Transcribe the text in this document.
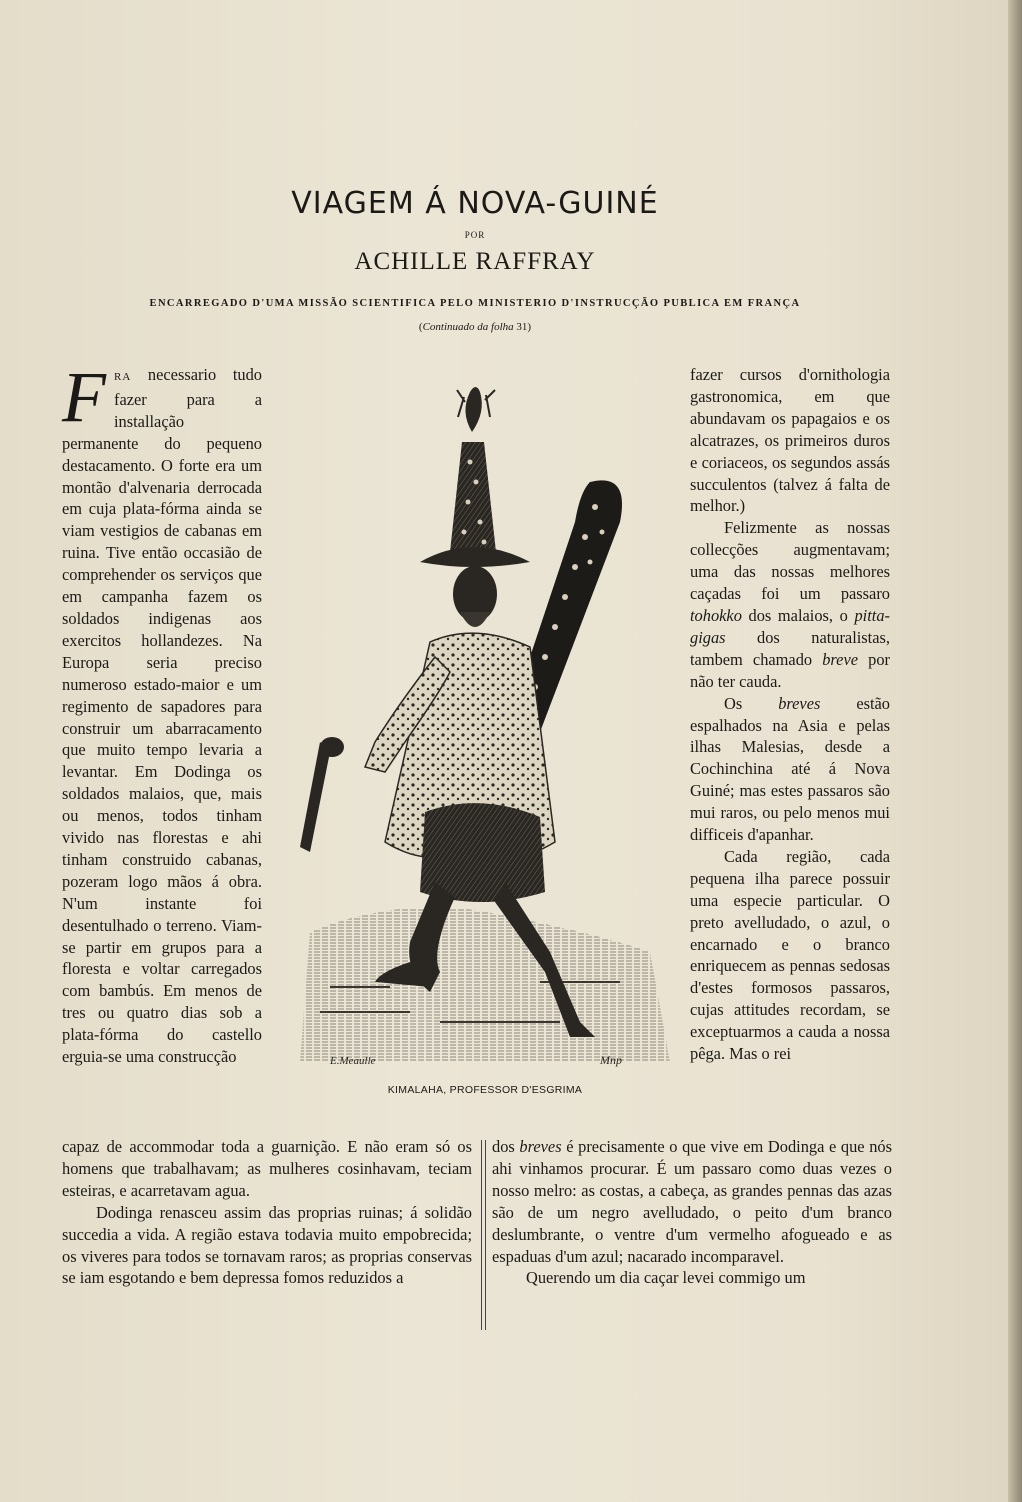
VIAGEM Á NOVA-GUINÉ
POR
ACHILLE RAFFRAY
ENCARREGADO D'UMA MISSÃO SCIENTIFICA PELO MINISTERIO D'INSTRUCÇÃO PUBLICA EM FRANÇA
(Continuado da folha 31)

FRA necessario tudo fazer para a installação permanente do pequeno destacamento. O forte era um montão d'alvenaria derrocada em cuja plata-fórma ainda se viam vestigios de cabanas em ruina. Tive então occasião de comprehender os serviços que em campanha fazem os soldados indigenas aos exercitos hollandezes. Na Europa seria preciso numeroso estado-maior e um regimento de sapadores para construir um abarracamento que muito tempo levaria a levantar. Em Dodinga os soldados malaios, que, mais ou menos, todos tinham vivido nas florestas e ahi tinham construido cabanas, pozeram logo mãos á obra. N'um instante foi desentulhado o terreno. Viam-se partir em grupos para a floresta e voltar carregados com bambús. Em menos de tres ou quatro dias sob a plata-fórma do castello erguia-se uma construcção	E.Meaulle	Mnp
KIMALAHA, PROFESSOR D'ESGRIMA

fazer cursos d'ornithologia gastronomica, em que abundavam os papagaios e os alcatrazes, os primeiros duros e coriaceos, os segundos assás succulentos (talvez á falta de melhor.)

Felizmente as nossas collecções augmentavam; uma das nossas melhores caçadas foi um passaro tohokko dos malaios, o pitta-gigas dos naturalistas, tambem chamado breve por não ter cauda.

Os breves estão espalhados na Asia e pelas ilhas Malesias, desde a Cochinchina até á Nova Guiné; mas estes passaros são mui raros, ou pelo menos mui difficeis d'apanhar.

Cada região, cada pequena ilha parece possuir uma especie particular. O preto avelludado, o azul, o encarnado e o branco enriquecem as pennas sedosas d'estes formosos passaros, cujas attitudes recordam, se exceptuarmos a cauda a nossa pêga. Mas o rei

capaz de accommodar toda a guarnição. E não eram só os homens que trabalhavam; as mulheres cosinhavam, teciam esteiras, e acarretavam agua.

Dodinga renasceu assim das proprias ruinas; á solidão succedia a vida. A região estava todavia muito empobrecida; os viveres para todos se tornavam raros; as proprias conservas se iam esgotando e bem depressa fomos reduzidos a

dos breves é precisamente o que vive em Dodinga e que nós ahi vinhamos procurar. É um passaro como duas vezes o nosso melro: as costas, a cabeça, as grandes pennas das azas são de um negro avelludado, o peito d'um branco deslumbrante, o ventre d'um vermelho afogueado e as espaduas d'um azul; nacarado incomparavel.

Querendo um dia caçar levei commigo um
